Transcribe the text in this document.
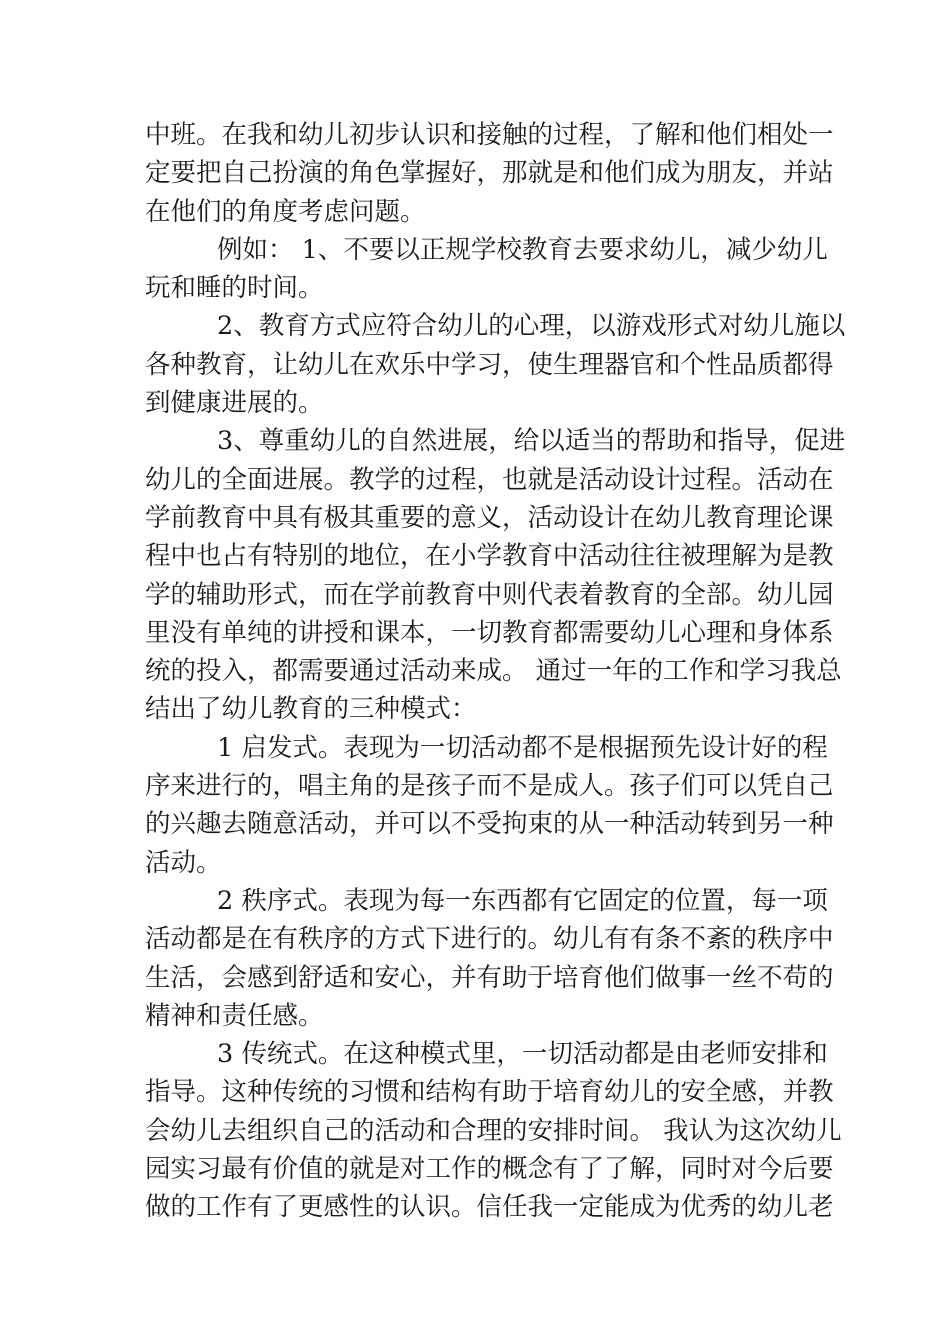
中班。在我和幼儿初步认识和接触的过程，了解和他们相处一
定要把自己扮演的角色掌握好，那就是和他们成为朋友，并站
在他们的角度考虑问题。
例如： 1、不要以正规学校教育去要求幼儿，减少幼儿
玩和睡的时间。
2、教育方式应符合幼儿的心理，以游戏形式对幼儿施以
各种教育，让幼儿在欢乐中学习，使生理器官和个性品质都得
到健康进展的。
3、尊重幼儿的自然进展，给以适当的帮助和指导，促进
幼儿的全面进展。教学的过程，也就是活动设计过程。活动在
学前教育中具有极其重要的意义，活动设计在幼儿教育理论课
程中也占有特别的地位，在小学教育中活动往往被理解为是教
学的辅助形式，而在学前教育中则代表着教育的全部。幼儿园
里没有单纯的讲授和课本，一切教育都需要幼儿心理和身体系
统的投入，都需要通过活动来成。 通过一年的工作和学习我总
结出了幼儿教育的三种模式：
1 启发式。表现为一切活动都不是根据预先设计好的程
序来进行的，唱主角的是孩子而不是成人。孩子们可以凭自己
的兴趣去随意活动，并可以不受拘束的从一种活动转到另一种
活动。
2 秩序式。表现为每一东西都有它固定的位置，每一项
活动都是在有秩序的方式下进行的。幼儿有有条不紊的秩序中
生活，会感到舒适和安心，并有助于培育他们做事一丝不苟的
精神和责任感。
3 传统式。在这种模式里，一切活动都是由老师安排和
指导。这种传统的习惯和结构有助于培育幼儿的安全感，并教
会幼儿去组织自己的活动和合理的安排时间。 我认为这次幼儿
园实习最有价值的就是对工作的概念有了了解，同时对今后要
做的工作有了更感性的认识。信任我一定能成为优秀的幼儿老
